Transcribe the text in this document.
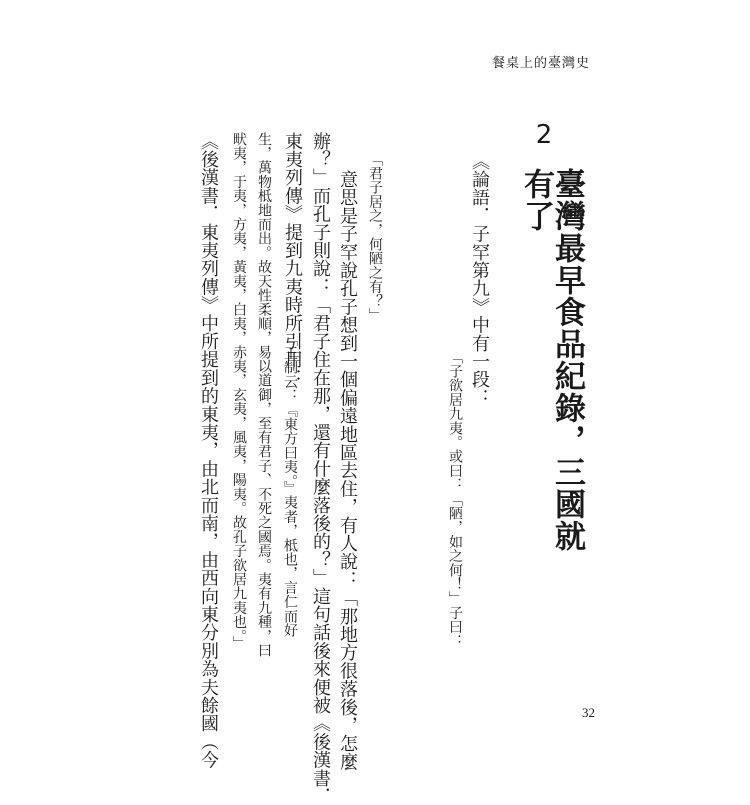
餐桌上的臺灣史
2
臺灣最早食品紀錄，三國就有了
《論語．子罕第九》中有一段：
「子欲居九夷。或曰：「陋，如之何！」子曰：
「君子居之，何陋之有？」
　意思是子罕說孔子想到一個偏遠地區去住，有人說：「那地方很落後，怎麼
辦？」而孔子則說：「君子住在那，還有什麼落後的？」這句話後來便被《後漢書．
東夷列傳》提到九夷時所引用：
「王制云：『東方曰夷。』夷者，柢也，言仁而好
生，萬物柢地而出。故天性柔順，易以道御，至有君子、不死之國焉。夷有九種，曰
畎夷，于夷，方夷，黃夷，白夷，赤夷，玄夷，風夷，陽夷。故孔子欲居九夷也。」
《後漢書．東夷列傳》中所提到的東夷，由北而南，由西向東分別為夫餘國（今	32
